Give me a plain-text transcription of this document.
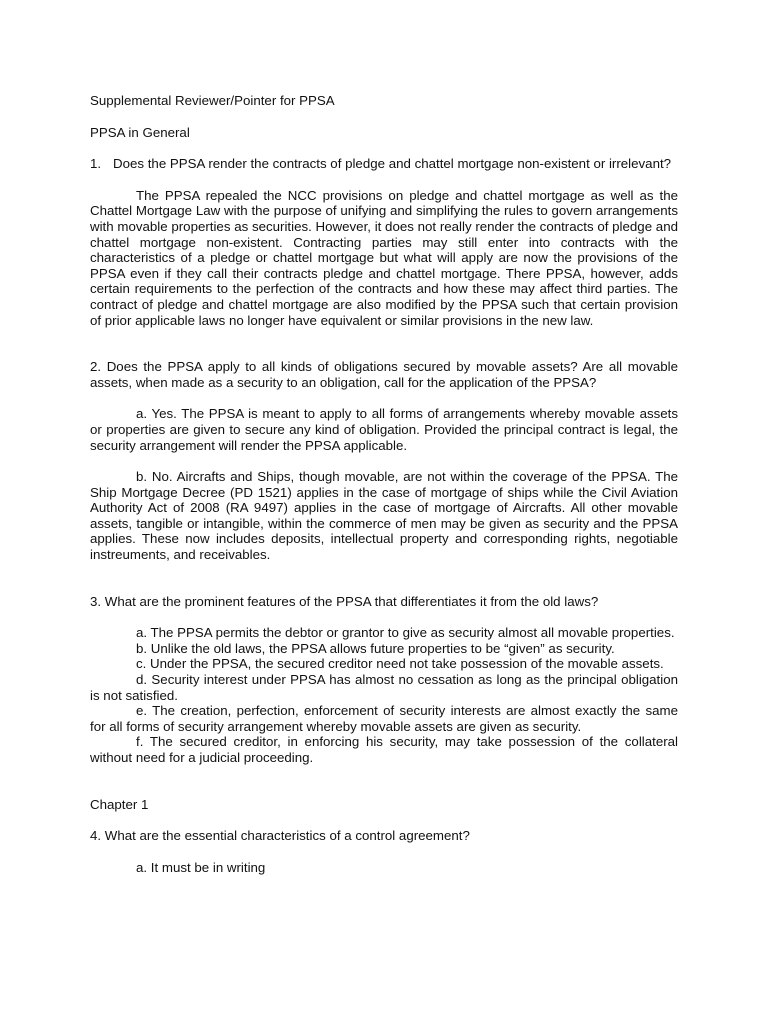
Supplemental Reviewer/Pointer for PPSA

PPSA in General

1. Does the PPSA render the contracts of pledge and chattel mortgage non-existent or irrelevant?

The PPSA repealed the NCC provisions on pledge and chattel mortgage as well as the Chattel Mortgage Law with the purpose of unifying and simplifying the rules to govern arrangements with movable properties as securities. However, it does not really render the contracts of pledge and chattel mortgage non-existent. Contracting parties may still enter into contracts with the characteristics of a pledge or chattel mortgage but what will apply are now the provisions of the PPSA even if they call their contracts pledge and chattel mortgage. There PPSA, however, adds certain requirements to the perfection of the contracts and how these may affect third parties. The contract of pledge and chattel mortgage are also modified by the PPSA such that certain provision of prior applicable laws no longer have equivalent or similar provisions in the new law.

2. Does the PPSA apply to all kinds of obligations secured by movable assets? Are all movable assets, when made as a security to an obligation, call for the application of the PPSA?

a. Yes. The PPSA is meant to apply to all forms of arrangements whereby movable assets or properties are given to secure any kind of obligation. Provided the principal contract is legal, the security arrangement will render the PPSA applicable.

b. No. Aircrafts and Ships, though movable, are not within the coverage of the PPSA. The Ship Mortgage Decree (PD 1521) applies in the case of mortgage of ships while the Civil Aviation Authority Act of 2008 (RA 9497) applies in the case of mortgage of Aircrafts. All other movable assets, tangible or intangible, within the commerce of men may be given as security and the PPSA applies. These now includes deposits, intellectual property and corresponding rights, negotiable instreuments, and receivables.

3. What are the prominent features of the PPSA that differentiates it from the old laws?

a. The PPSA permits the debtor or grantor to give as security almost all movable properties.

b. Unlike the old laws, the PPSA allows future properties to be “given” as security.

c. Under the PPSA, the secured creditor need not take possession of the movable assets.

d. Security interest under PPSA has almost no cessation as long as the principal obligation is not satisfied.

e. The creation, perfection, enforcement of security interests are almost exactly the same for all forms of security arrangement whereby movable assets are given as security.

f. The secured creditor, in enforcing his security, may take possession of the collateral without need for a judicial proceeding.

Chapter 1

4. What are the essential characteristics of a control agreement?

a. It must be in writing
